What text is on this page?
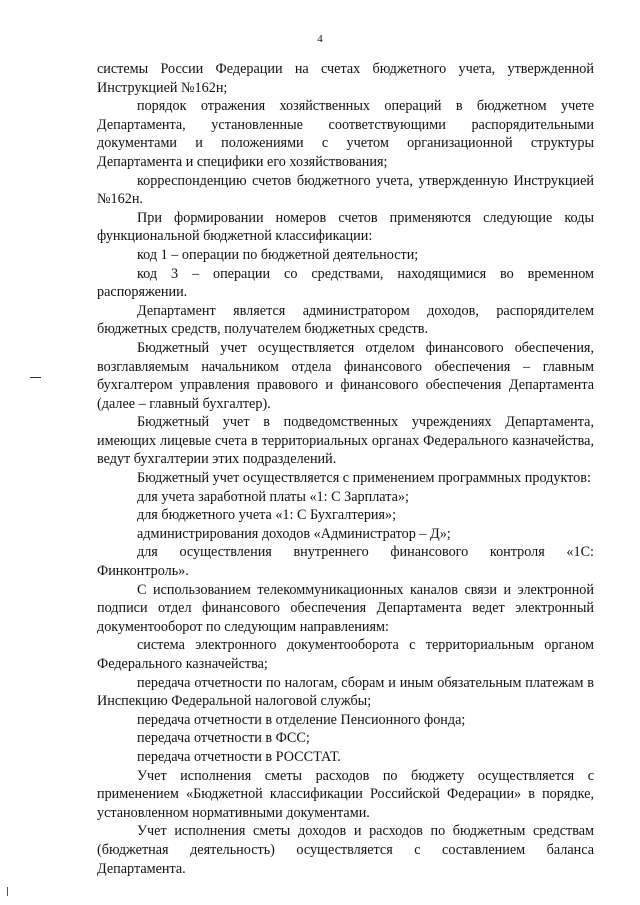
4

системы России Федерации на счетах бюджетного учета, утвержденной Инструкцией №162н;

порядок отражения хозяйственных операций в бюджетном учете Департамента, установленные соответствующими распорядительными документами и положениями с учетом организационной структуры Департамента и специфики его хозяйствования;

корреспонденцию счетов бюджетного учета, утвержденную Инструкцией №162н.

При формировании номеров счетов применяются следующие коды функциональной бюджетной классификации:

код 1 – операции по бюджетной деятельности;

код 3 – операции со средствами, находящимися во временном распоряжении.

Департамент является администратором доходов, распорядителем бюджетных средств, получателем бюджетных средств.

Бюджетный учет осуществляется отделом финансового обеспечения, возглавляемым начальником отдела финансового обеспечения – главным бухгалтером управления правового и финансового обеспечения Департамента (далее – главный бухгалтер).

Бюджетный учет в подведомственных учреждениях Департамента, имеющих лицевые счета в территориальных органах Федерального казначейства, ведут бухгалтерии этих подразделений.

Бюджетный учет осуществляется с применением программных продуктов:

для учета заработной платы «1: С Зарплата»;

для бюджетного учета «1: С Бухгалтерия»;

администрирования доходов «Администратор – Д»;

для осуществления внутреннего финансового контроля «1С: Финконтроль».

С использованием телекоммуникационных каналов связи и электронной подписи отдел финансового обеспечения Департамента ведет электронный документооборот по следующим направлениям:

система электронного документооборота с территориальным органом Федерального казначейства;

передача отчетности по налогам, сборам и иным обязательным платежам в Инспекцию Федеральной налоговой службы;

передача отчетности в отделение Пенсионного фонда;

передача отчетности в ФСС;

передача отчетности в РОССТАТ.

Учет исполнения сметы расходов по бюджету осуществляется с применением «Бюджетной классификации Российской Федерации» в порядке, установленном нормативными документами.

Учет исполнения сметы доходов и расходов по бюджетным средствам (бюджетная деятельность) осуществляется с составлением баланса Департамента.
